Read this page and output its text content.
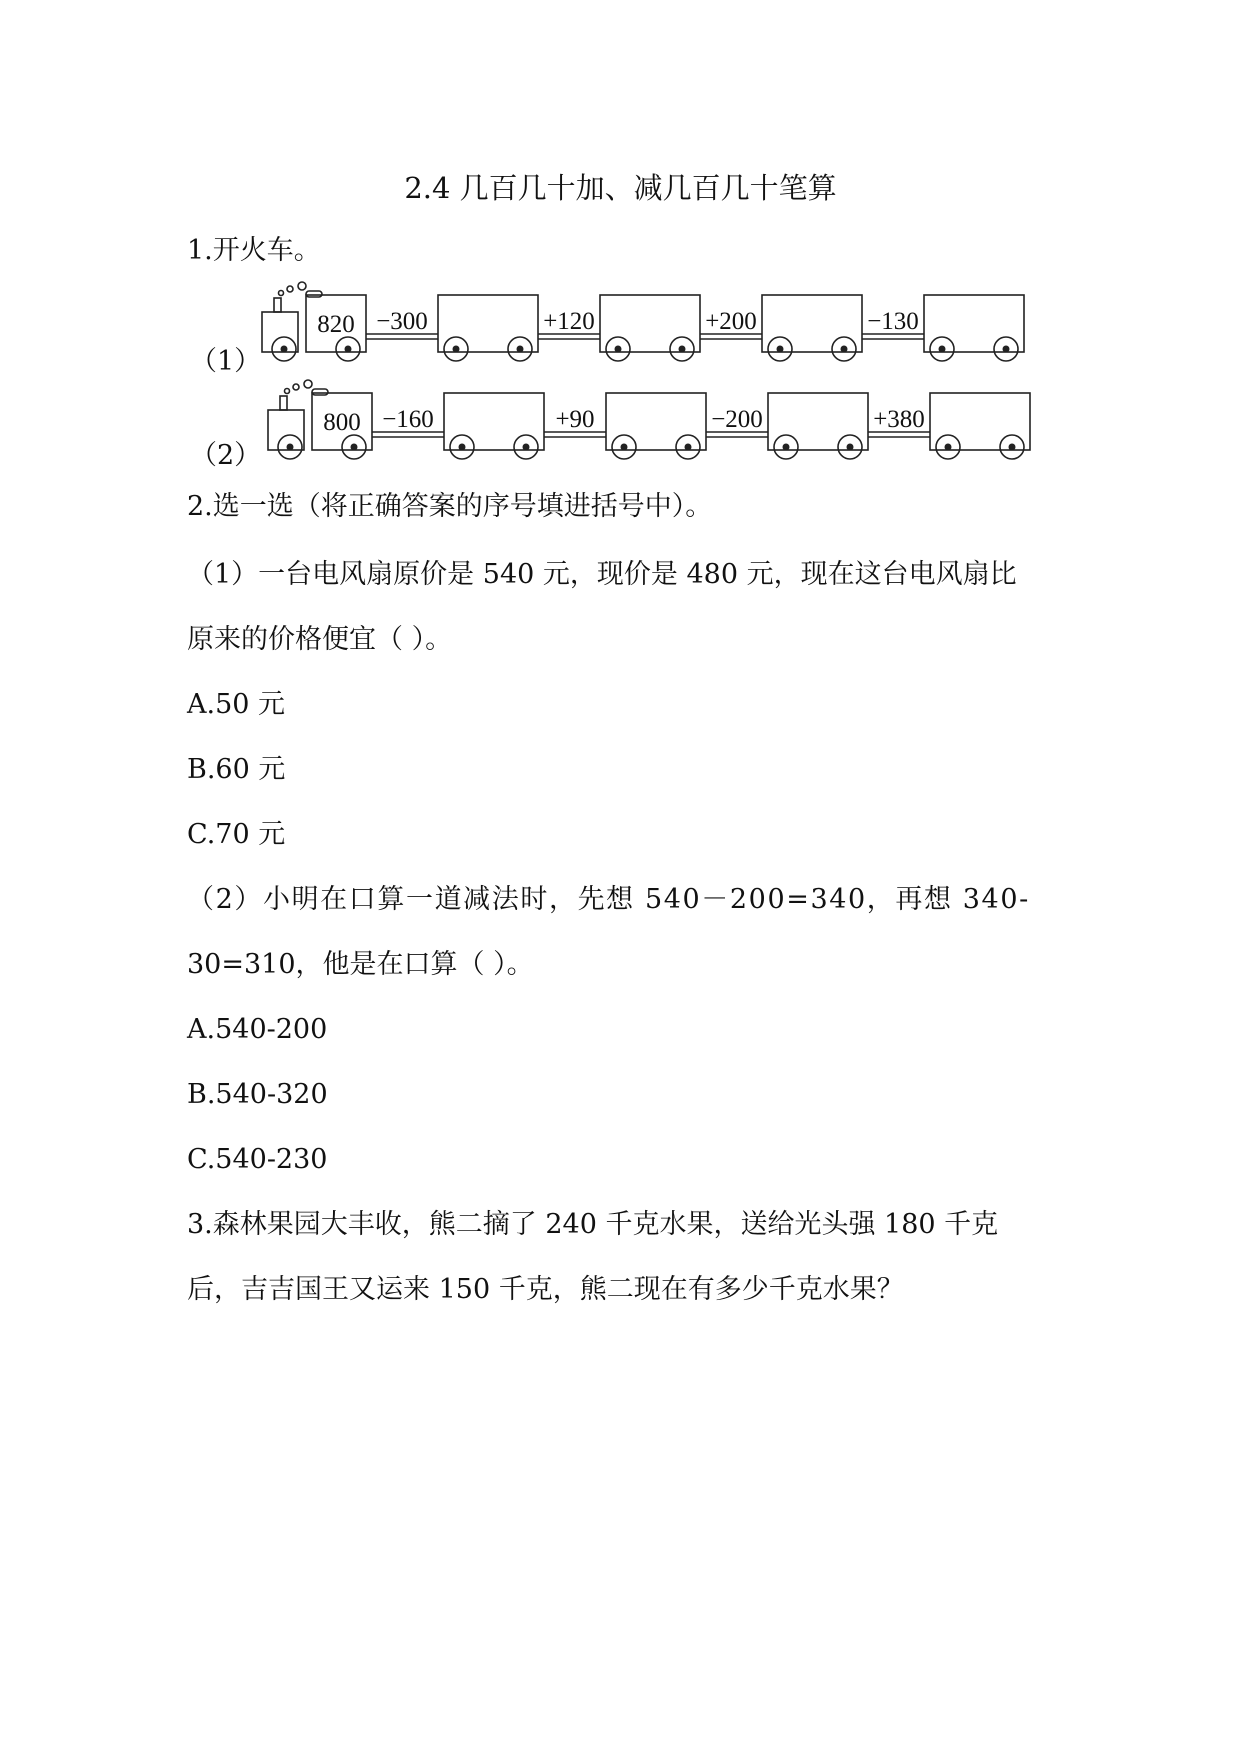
2.4 几百几十加、减几百几十笔算
1.开火车。
（1）
820 −300	+120	+200	−130
（2）
800 −160	+90	−200	+380
2.选一选（将正确答案的序号填进括号中）。
（1）一台电风扇原价是 540 元，现价是 480 元，现在这台电风扇比
原来的价格便宜（ ）。
A.50 元
B.60 元
C.70 元
（2）小明在口算一道减法时，先想 540－200=340，再想 340-
30=310，他是在口算（ ）。
A.540-200
B.540-320
C.540-230
3.森林果园大丰收，熊二摘了 240 千克水果，送给光头强 180 千克
后，吉吉国王又运来 150 千克，熊二现在有多少千克水果？
